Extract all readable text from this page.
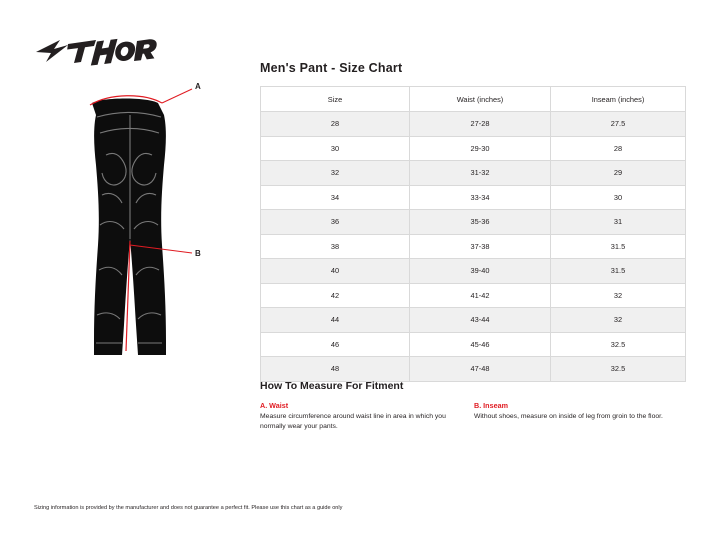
A
B
Men's Pant - Size Chart
Size	Waist (inches)	Inseam (inches)
28	27-28	27.5
30	29-30	28
32	31-32	29
34	33-34	30
36	35-36	31
38	37-38	31.5
40	39-40	31.5
42	41-42	32
44	43-44	32
46	45-46	32.5
48	47-48	32.5
How To Measure For Fitment
A. Waist
Measure circumference around waist line in area in which you normally wear your pants.
B. Inseam
Without shoes, measure on inside of leg from groin to the floor.
Sizing information is provided by the manufacturer and does not guarantee a perfect fit. Please use this chart as a guide only
